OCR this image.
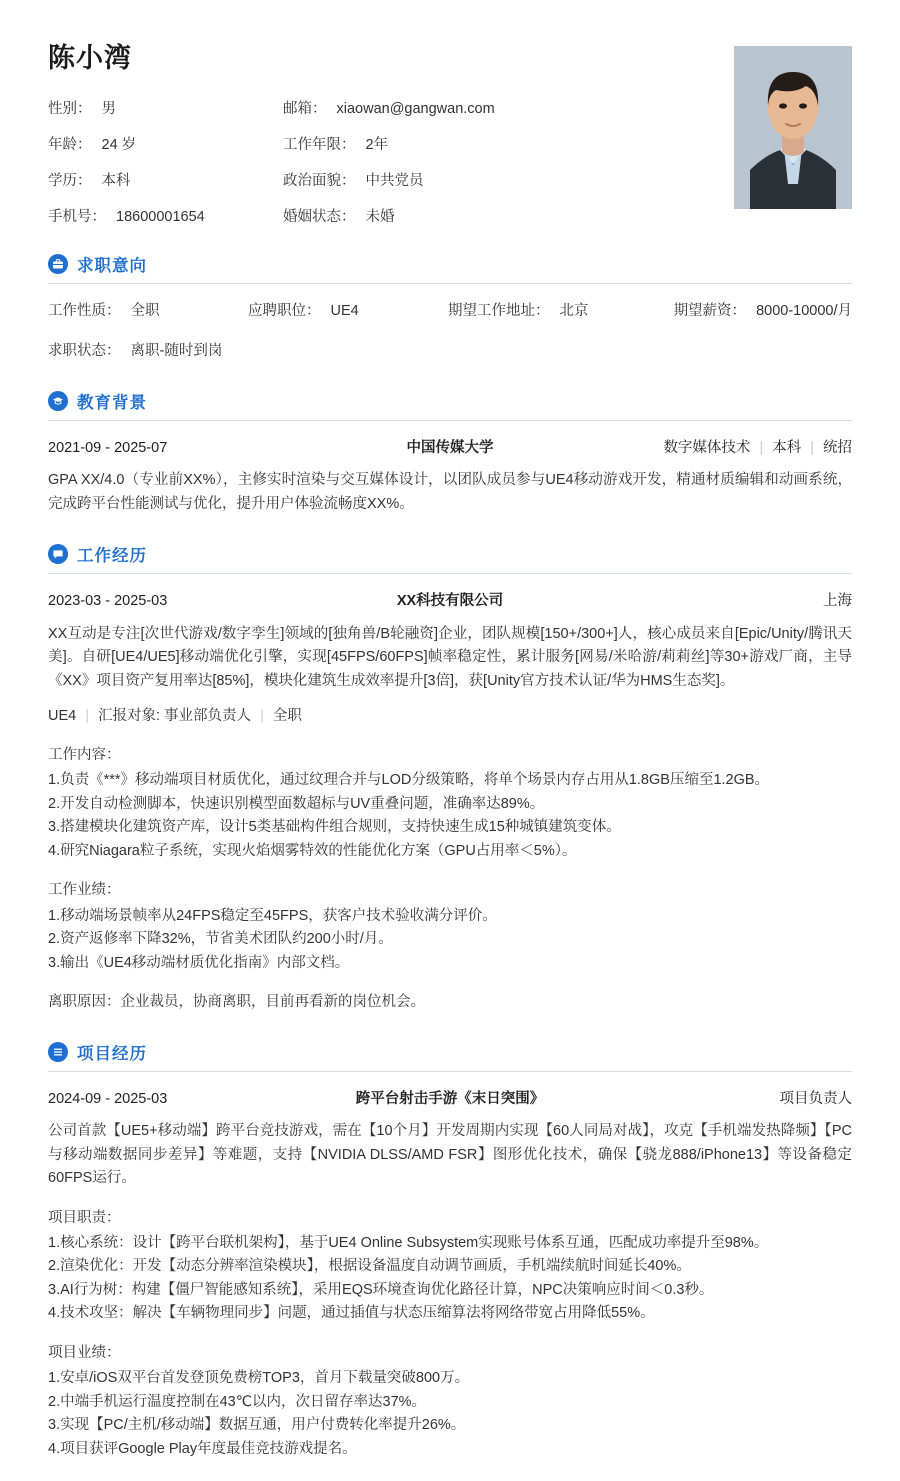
陈小湾
性别： 男	邮箱： xiaowan@gangwan.com
年龄： 24 岁	工作年限： 2年
学历： 本科	政治面貌： 中共党员
手机号： 18600001654	婚姻状态： 未婚
求职意向
工作性质： 全职	应聘职位： UE4	期望工作地址： 北京	期望薪资： 8000-10000/月
求职状态： 离职-随时到岗
教育背景
2021-09 - 2025-07	中国传媒大学	数字媒体技术 | 本科 | 统招
GPA XX/4.0（专业前XX%），主修实时渲染与交互媒体设计，以团队成员参与UE4移动游戏开发，精通材质编辑和动画系统，完成跨平台性能测试与优化，提升用户体验流畅度XX%。
工作经历
2023-03 - 2025-03	XX科技有限公司	上海
XX互动是专注[次世代游戏/数字孪生]领域的[独角兽/B轮融资]企业，团队规模[150+/300+]人，核心成员来自[Epic/Unity/腾讯天美]。自研[UE4/UE5]移动端优化引擎，实现[45FPS/60FPS]帧率稳定性，累计服务[网易/米哈游/莉莉丝]等30+游戏厂商，主导《XX》项目资产复用率达[85%]，模块化建筑生成效率提升[3倍]，获[Unity官方技术认证/华为HMS生态奖]。
UE4 | 汇报对象: 事业部负责人 | 全职

工作内容：

1.负责《***》移动端项目材质优化，通过纹理合并与LOD分级策略，将单个场景内存占用从1.8GB压缩至1.2GB。

2.开发自动检测脚本，快速识别模型面数超标与UV重叠问题，准确率达89%。

3.搭建模块化建筑资产库，设计5类基础构件组合规则，支持快速生成15种城镇建筑变体。

4.研究Niagara粒子系统，实现火焰烟雾特效的性能优化方案（GPU占用率＜5%）。

工作业绩：

1.移动端场景帧率从24FPS稳定至45FPS，获客户技术验收满分评价。

2.资产返修率下降32%，节省美术团队约200小时/月。

3.输出《UE4移动端材质优化指南》内部文档。

离职原因：企业裁员，协商离职，目前再看新的岗位机会。
项目经历
2024-09 - 2025-03	跨平台射击手游《末日突围》	项目负责人
公司首款【UE5+移动端】跨平台竞技游戏，需在【10个月】开发周期内实现【60人同局对战】，攻克【手机端发热降频】【PC与移动端数据同步差异】等难题，支持【NVIDIA DLSS/AMD FSR】图形优化技术，确保【骁龙888/iPhone13】等设备稳定60FPS运行。

项目职责：

1.核心系统：设计【跨平台联机架构】，基于UE4 Online Subsystem实现账号体系互通，匹配成功率提升至98%。

2.渲染优化：开发【动态分辨率渲染模块】，根据设备温度自动调节画质，手机端续航时间延长40%。

3.AI行为树：构建【僵尸智能感知系统】，采用EQS环境查询优化路径计算，NPC决策响应时间＜0.3秒。

4.技术攻坚：解决【车辆物理同步】问题，通过插值与状态压缩算法将网络带宽占用降低55%。

项目业绩：

1.安卓/iOS双平台首发登顶免费榜TOP3，首月下载量突破800万。

2.中端手机运行温度控制在43℃以内，次日留存率达37%。

3.实现【PC/主机/移动端】数据互通，用户付费转化率提升26%。

4.项目获评Google Play年度最佳竞技游戏提名。
